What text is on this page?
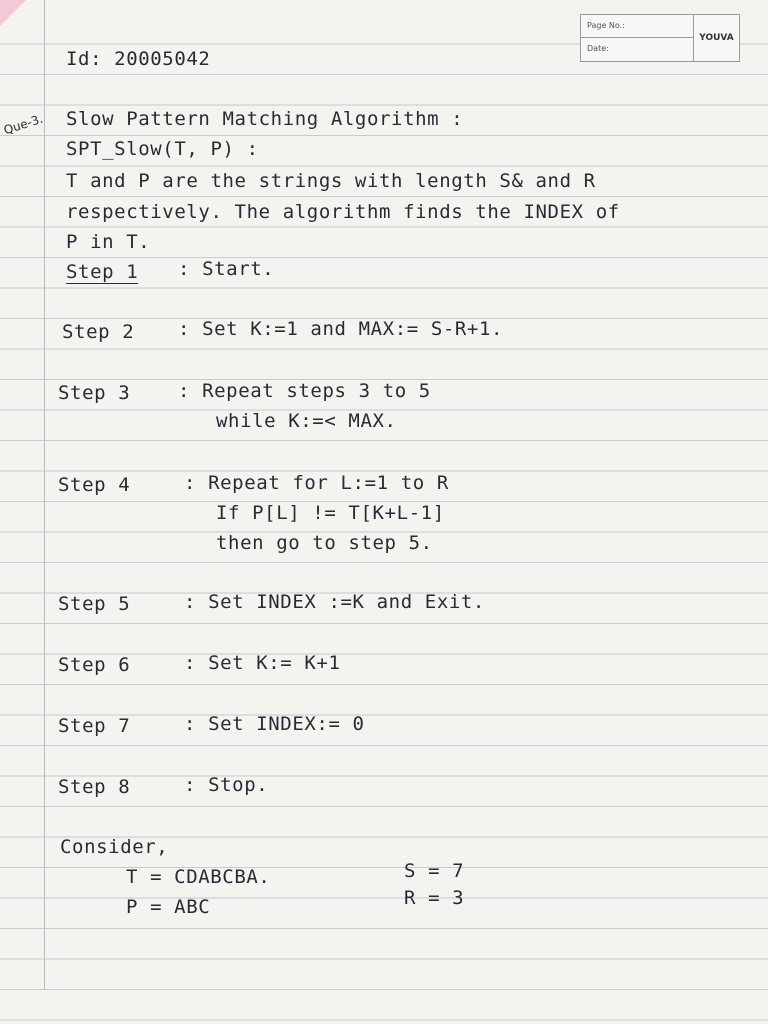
Page No.:
Date:
YOUVA
Id: 20005042
Que-3. Slow Pattern Matching Algorithm :
SPT_Slow(T, P) :
T and P are the strings with length S& and R
respectively. The algorithm finds the INDEX of
P in T.
Step 1 : Start.
Step 2 : Set K:=1 and MAX:= S-R+1.
Step 3	: Repeat steps 3 to 5
while K:=< MAX.
Step 4	: Repeat for L:=1 to R
If P[L] != T[K+L-1]
then go to step 5.
Step 5	: Set INDEX :=K and Exit.
Step 6	: Set K:= K+1
Step 7	: Set INDEX:= 0
Step 8	: Stop.
Consider,
T = CDABCBA.
P = ABC
S = 7
R = 3
